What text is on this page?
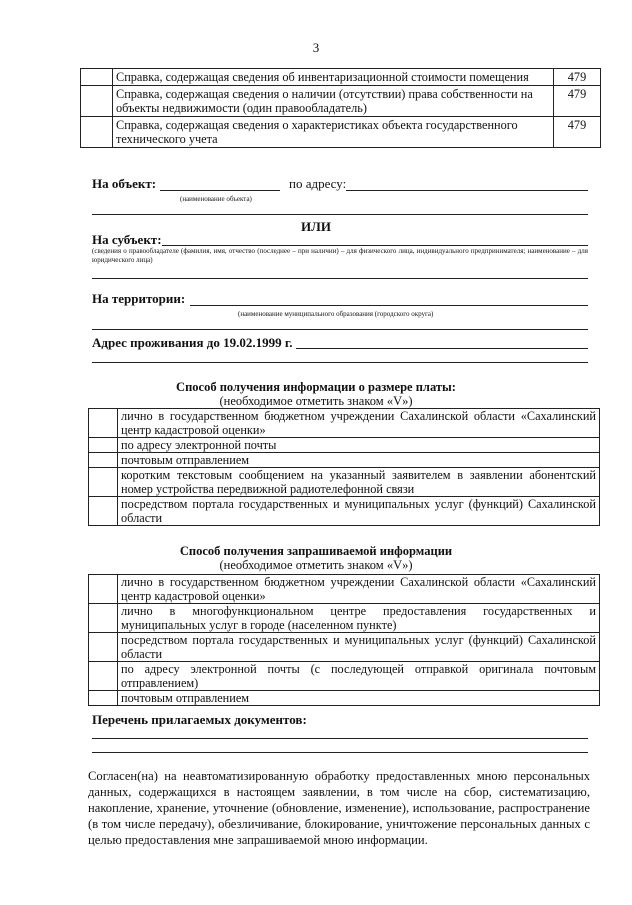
3
	Справка, содержащая сведения об инвентаризационной стоимости помещения	479
	Справка, содержащая сведения о наличии (отсутствии) права собственности на объекты недвижимости (один правообладатель)	479
	Справка, содержащая сведения о характеристиках объекта государственного технического учета	479
На объект:	по адресу:
(наименование объекта)
ИЛИ
На субъект:
(сведения о правообладателе (фамилия, имя, отчество (последнее – при наличии) – для физического лица, индивидуального предпринимателя; наименование – для юридического лица)
На территории:
(наименование муниципального образования (городского округа)
Адрес проживания до 19.02.1999 г.
Способ получения информации о размере платы:
(необходимое отметить знаком «V»)
	лично в государственном бюджетном учреждении Сахалинской области «Сахалинский центр кадастровой оценки»
	по адресу электронной почты
	почтовым отправлением
	коротким текстовым сообщением на указанный заявителем в заявлении абонентский номер устройства передвижной радиотелефонной связи
	посредством портала государственных и муниципальных услуг (функций) Сахалинской области
Способ получения запрашиваемой информации
(необходимое отметить знаком «V»)
	лично в государственном бюджетном учреждении Сахалинской области «Сахалинский центр кадастровой оценки»
	лично в многофункциональном центре предоставления государственных и муниципальных услуг в городе (населенном пункте)
	посредством портала государственных и муниципальных услуг (функций) Сахалинской области
	по адресу электронной почты (с последующей отправкой оригинала почтовым отправлением)
	почтовым отправлением
Перечень прилагаемых документов:
Согласен(на) на неавтоматизированную обработку предоставленных мною персональных данных, содержащихся в настоящем заявлении, в том числе на сбор, систематизацию, накопление, хранение, уточнение (обновление, изменение), использование, распространение (в том числе передачу), обезличивание, блокирование, уничтожение персональных данных с целью предоставления мне запрашиваемой мною информации.
